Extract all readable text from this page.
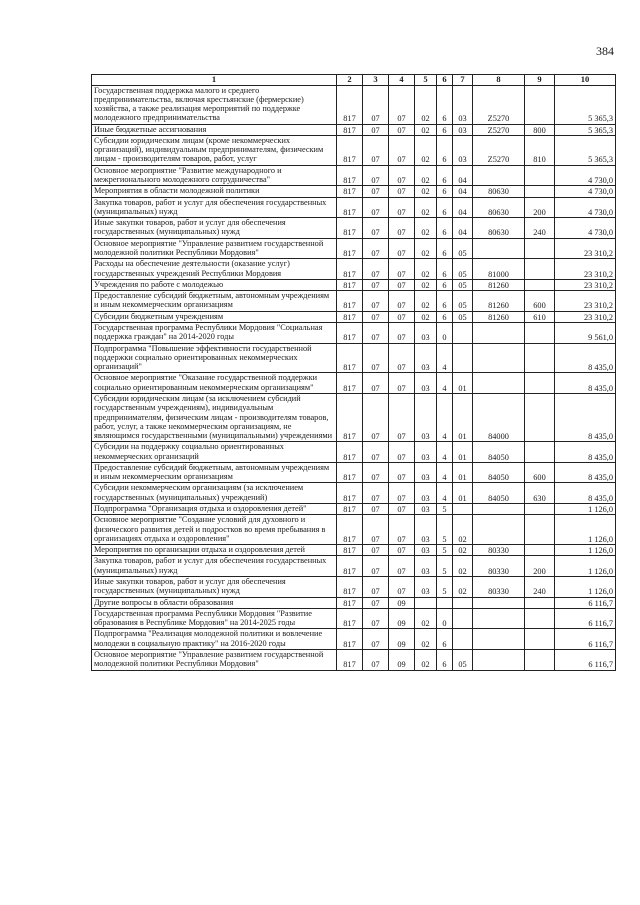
384
1	2	3	4	5	6	7	8	9	10
Государственная поддержка малого и среднего предпринимательства, включая крестьянские (фермерские) хозяйства, а также реализация мероприятий по поддержке молодежного предпринимательства	817	07	07	02	6	03	Z5270		5 365,3
Иные бюджетные ассигнования	817	07	07	02	6	03	Z5270	800	5 365,3
Субсидии юридическим лицам (кроме некоммерческих организаций), индивидуальным предпринимателям, физическим лицам - производителям товаров, работ, услуг	817	07	07	02	6	03	Z5270	810	5 365,3
Основное мероприятие "Развитие международного и межрегионального молодежного сотрудничества"	817	07	07	02	6	04			4 730,0
Мероприятия в области молодежной политики	817	07	07	02	6	04	80630		4 730,0
Закупка товаров, работ и услуг для обеспечения государственных (муниципальных) нужд	817	07	07	02	6	04	80630	200	4 730,0
Иные закупки товаров, работ и услуг для обеспечения государственных (муниципальных) нужд	817	07	07	02	6	04	80630	240	4 730,0
Основное мероприятие "Управление развитием государственной молодежной политики Республики Мордовия"	817	07	07	02	6	05			23 310,2
Расходы на обеспечение деятельности (оказание услуг) государственных учреждений Республики Мордовия	817	07	07	02	6	05	81000		23 310,2
Учреждения по работе с молодежью	817	07	07	02	6	05	81260		23 310,2
Предоставление субсидий бюджетным, автономным учреждениям и иным некоммерческим организациям	817	07	07	02	6	05	81260	600	23 310,2
Субсидии бюджетным учреждениям	817	07	07	02	6	05	81260	610	23 310,2
Государственная программа Республики Мордовия "Социальная поддержка граждан" на 2014-2020 годы	817	07	07	03	0				9 561,0
Подпрограмма "Повышение эффективности государственной поддержки социально ориентированных некоммерческих организаций"	817	07	07	03	4				8 435,0
Основное мероприятие "Оказание государственной поддержки социально ориентированным некоммерческим организациям"	817	07	07	03	4	01			8 435,0
Субсидии юридическим лицам (за исключением субсидий государственным учреждениям), индивидуальным предпринимателям, физическим лицам - производителям товаров, работ, услуг, а также некоммерческим организациям, не являющимся государственными (муниципальными) учреждениями	817	07	07	03	4	01	84000		8 435,0
Субсидии на поддержку социально ориентированных некоммерческих организаций	817	07	07	03	4	01	84050		8 435,0
Предоставление субсидий бюджетным, автономным учреждениям и иным некоммерческим организациям	817	07	07	03	4	01	84050	600	8 435,0
Субсидии некоммерческим организациям (за исключением государственных (муниципальных) учреждений)	817	07	07	03	4	01	84050	630	8 435,0
Подпрограмма "Организация отдыха и оздоровления детей"	817	07	07	03	5				1 126,0
Основное мероприятие "Создание условий для духовного и физического развития детей и подростков во время пребывания в организациях отдыха и оздоровления"	817	07	07	03	5	02			1 126,0
Мероприятия по организации отдыха и оздоровления детей	817	07	07	03	5	02	80330		1 126,0
Закупка товаров, работ и услуг для обеспечения государственных (муниципальных) нужд	817	07	07	03	5	02	80330	200	1 126,0
Иные закупки товаров, работ и услуг для обеспечения государственных (муниципальных) нужд	817	07	07	03	5	02	80330	240	1 126,0
Другие вопросы в области образования	817	07	09						6 116,7
Государственная программа Республики Мордовия "Развитие образования в Республике Мордовия" на 2014-2025 годы	817	07	09	02	0				6 116,7
Подпрограмма "Реализация молодежной политики и вовлечение молодежи в социальную практику" на 2016-2020 годы	817	07	09	02	6				6 116,7
Основное мероприятие "Управление развитием государственной молодежной политики Республики Мордовия"	817	07	09	02	6	05			6 116,7
